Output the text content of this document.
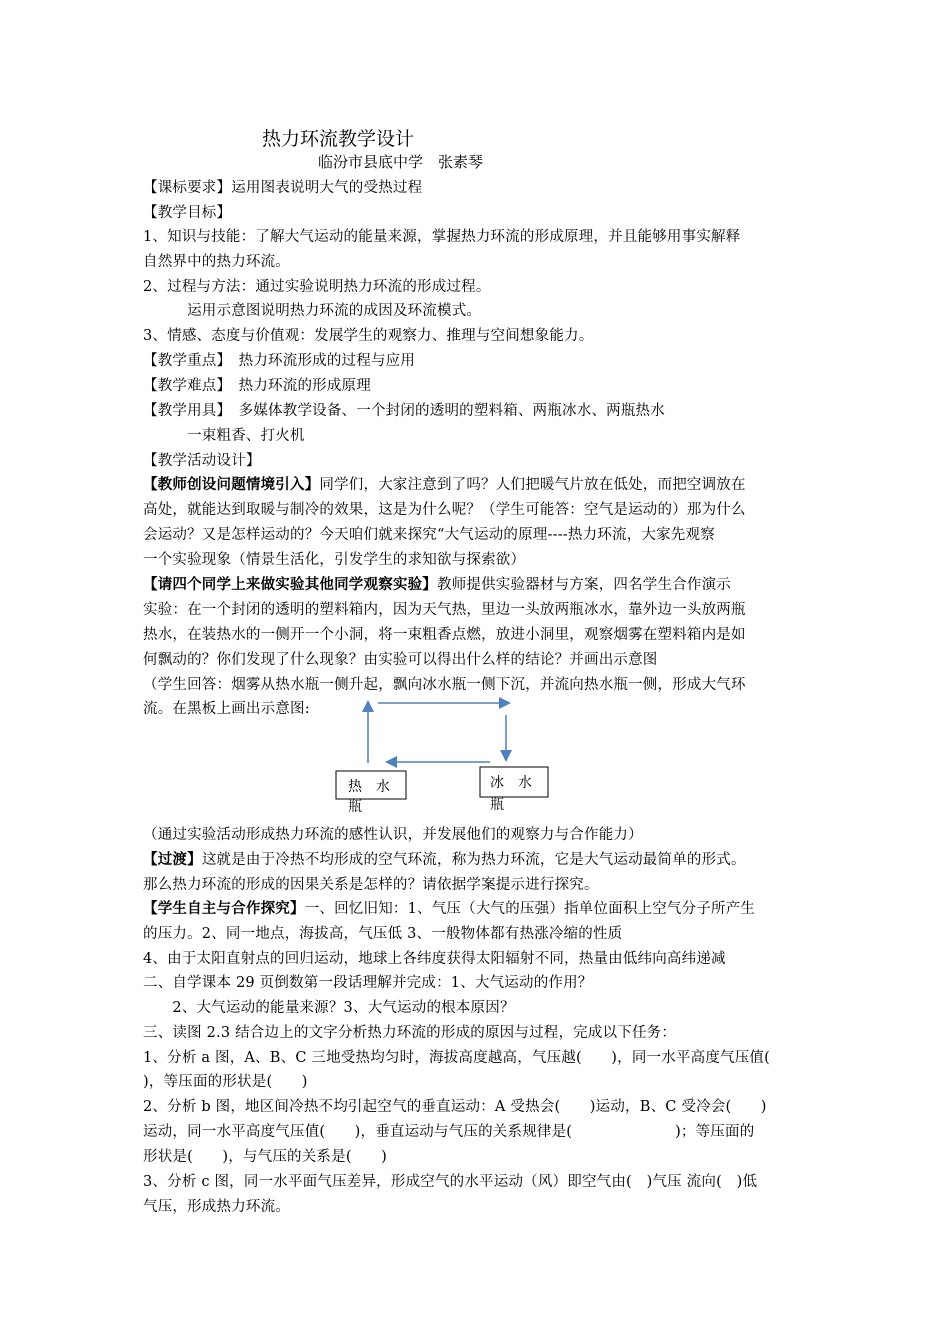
热力环流教学设计
临汾市县底中学　张素琴
【课标要求】运用图表说明大气的受热过程
【教学目标】
1、知识与技能：了解大气运动的能量来源，掌握热力环流的形成原理，并且能够用事实解释
自然界中的热力环流。
2、过程与方法：通过实验说明热力环流的形成过程。
　　　运用示意图说明热力环流的成因及环流模式。
3、情感、态度与价值观：发展学生的观察力、推理与空间想象能力。
【教学重点】　热力环流形成的过程与应用
【教学难点】　热力环流的形成原理
【教学用具】　多媒体教学设备、一个封闭的透明的塑料箱、两瓶冰水、两瓶热水
　　　一束粗香、打火机
【教学活动设计】
【教师创设问题情境引入】同学们，大家注意到了吗？人们把暖气片放在低处，而把空调放在
高处，就能达到取暖与制冷的效果，这是为什么呢？（学生可能答：空气是运动的）那为什么
会运动？又是怎样运动的？今天咱们就来探究“大气运动的原理----热力环流，大家先观察
一个实验现象（情景生活化，引发学生的求知欲与探索欲）
【请四个同学上来做实验其他同学观察实验】教师提供实验器材与方案，四名学生合作演示
实验：在一个封闭的透明的塑料箱内，因为天气热，里边一头放两瓶冰水，靠外边一头放两瓶
热水，在装热水的一侧开一个小洞，将一束粗香点燃，放进小洞里，观察烟雾在塑料箱内是如
何飘动的？你们发现了什么现象？由实验可以得出什么样的结论？并画出示意图
（学生回答：烟雾从热水瓶一侧升起，飘向冰水瓶一侧下沉，并流向热水瓶一侧，形成大气环
流。在黑板上画出示意图:
热　水
瓶
冰　水
瓶
（通过实验活动形成热力环流的感性认识，并发展他们的观察力与合作能力）
【过渡】这就是由于冷热不均形成的空气环流，称为热力环流，它是大气运动最简单的形式。
那么热力环流的形成的因果关系是怎样的？请依据学案提示进行探究。
【学生自主与合作探究】一、回忆旧知：1、气压（大气的压强）指单位面积上空气分子所产生
的压力。2、同一地点，海拔高，气压低 3、一般物体都有热涨冷缩的性质
4、由于太阳直射点的回归运动，地球上各纬度获得太阳辐射不同，热量由低纬向高纬递减
二、自学课本 29 页倒数第一段话理解并完成：1、大气运动的作用？
　　2、大气运动的能量来源？3、大气运动的根本原因？
三、读图 2.3 结合边上的文字分析热力环流的形成的原因与过程，完成以下任务：
1、分析 a 图，A、B、C 三地受热均匀时，海拔高度越高，气压越(　　)，同一水平高度气压值(
)，等压面的形状是(　　)
2、分析 b 图，地区间冷热不均引起空气的垂直运动：A 受热会(　　)运动，B、C 受冷会(　　)
运动，同一水平高度气压值(　　)，垂直运动与气压的关系规律是(　　　　　　　)；等压面的
形状是(　　)，与气压的关系是(　　)
3、分析 c 图，同一水平面气压差异，形成空气的水平运动（风）即空气由(　)气压 流向(　)低
气压，形成热力环流。
